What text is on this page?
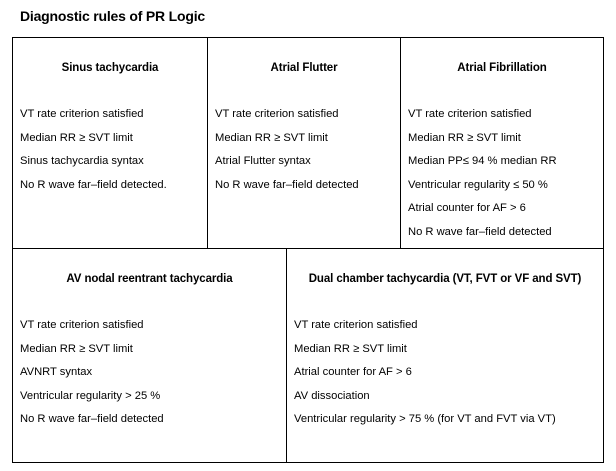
Diagnostic rules of PR Logic
Sinus tachycardia
VT rate criterion satisfied
Median RR ≥ SVT limit
Sinus tachycardia syntax
No R wave far–field detected.
Atrial Flutter
VT rate criterion satisfied
Median RR ≥ SVT limit
Atrial Flutter syntax
No R wave far–field detected
Atrial Fibrillation
VT rate criterion satisfied
Median RR ≥ SVT limit
Median PP≤ 94 % median RR
Ventricular regularity ≤ 50 %
Atrial counter for AF > 6
No R wave far–field detected
AV nodal reentrant tachycardia
VT rate criterion satisfied
Median RR ≥ SVT limit
AVNRT syntax
Ventricular regularity > 25 %
No R wave far–field detected
Dual chamber tachycardia (VT, FVT or VF and SVT)
VT rate criterion satisfied
Median RR ≥ SVT limit
Atrial counter for AF > 6
AV dissociation
Ventricular regularity > 75 % (for VT and FVT via VT)
